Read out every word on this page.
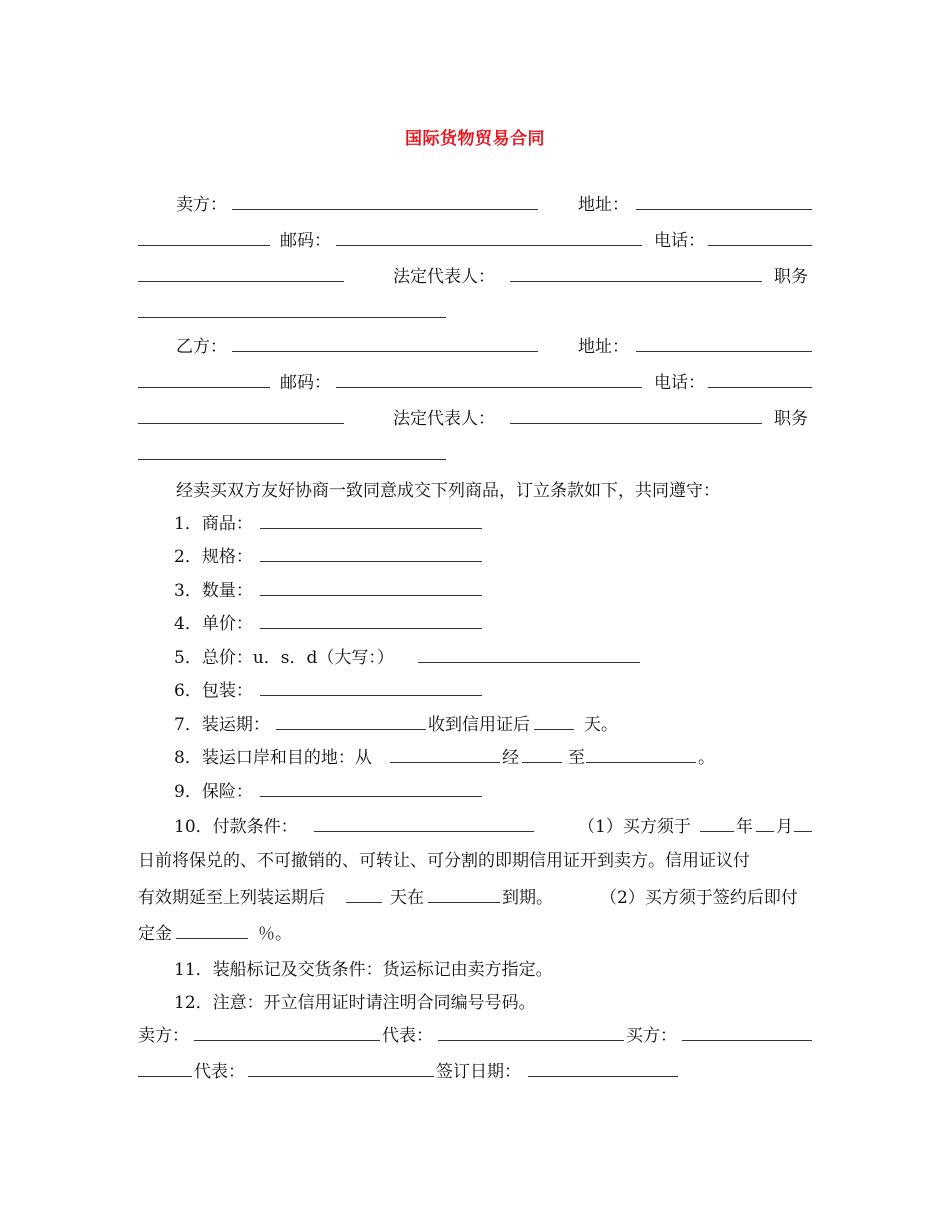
国际货物贸易合同
卖方：	地址：
邮码：	电话：
法定代表人：	职务
乙方：	地址：
邮码：	电话：
法定代表人：	职务
经卖买双方友好协商一致同意成交下列商品，订立条款如下，共同遵守：
1．商品：
2．规格：
3．数量：
4．单价：
5．总价：u．s．d（大写：）
6．包装：
7．装运期：	收到信用证后	天。
8．装运口岸和目的地：从	经	至	。
9．保险：
10．付款条件：	（1）买方须于	年 月
日前将保兑的、不可撤销的、可转让、可分割的即期信用证开到卖方。信用证议付
有效期延至上列装运期后	天在	到期。	（2）买方须于签约后即付
定金	％。
11．装船标记及交货条件：货运标记由卖方指定。
12．注意：开立信用证时请注明合同编号号码。
卖方：	代表：	买方：
代表：	签订日期：
